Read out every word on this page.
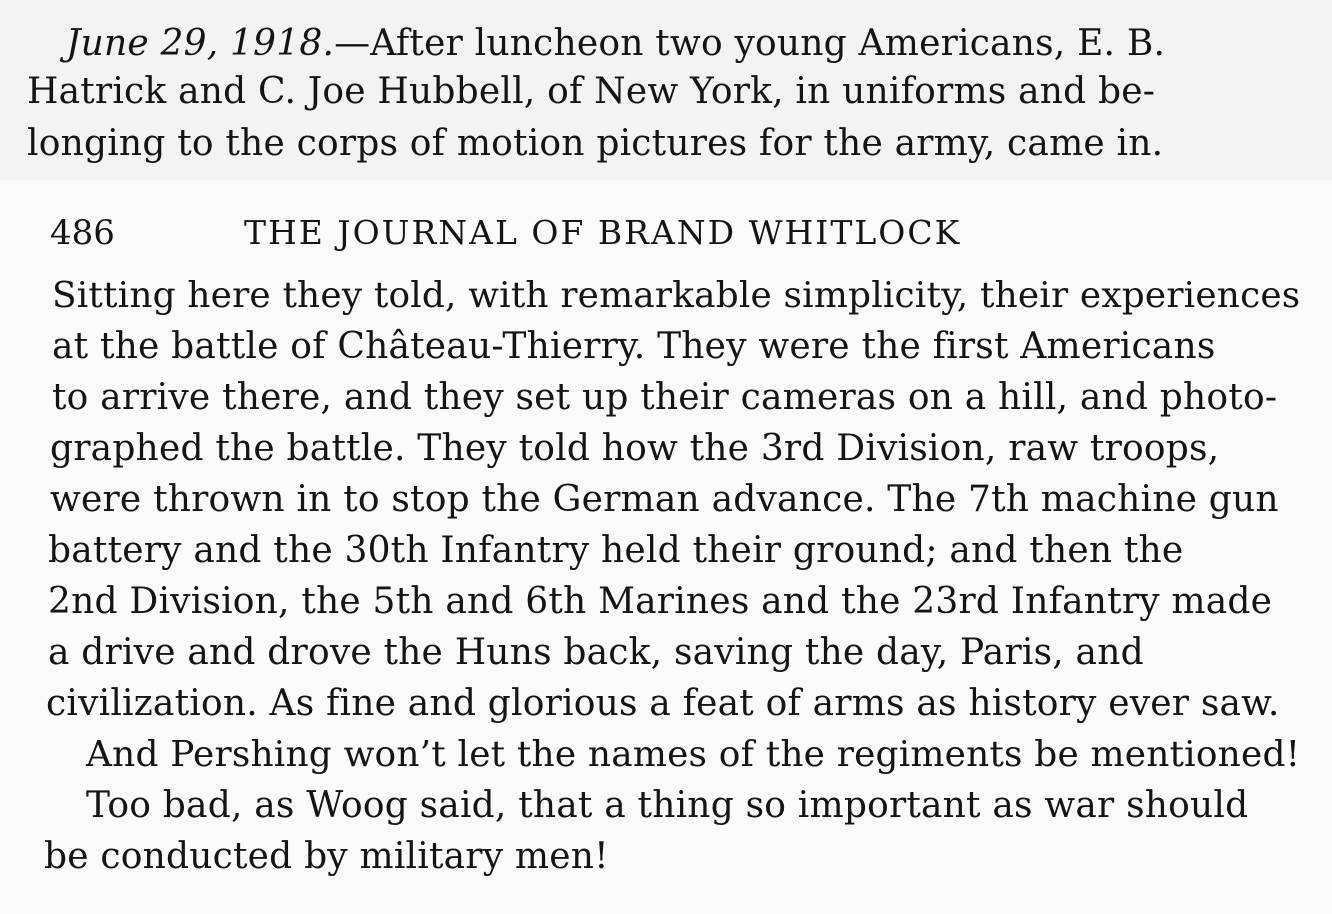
June 29, 1918.—After luncheon two young Americans, E. B.
Hatrick and C. Joe Hubbell, of New York, in uniforms and be-
longing to the corps of motion pictures for the army, came in.
486	THE JOURNAL OF BRAND WHITLOCK
Sitting here they told, with remarkable simplicity, their experiences
at the battle of Château-Thierry. They were the first Americans
to arrive there, and they set up their cameras on a hill, and photo-
graphed the battle. They told how the 3rd Division, raw troops,
were thrown in to stop the German advance. The 7th machine gun
battery and the 30th Infantry held their ground; and then the
2nd Division, the 5th and 6th Marines and the 23rd Infantry made
a drive and drove the Huns back, saving the day, Paris, and
civilization. As fine and glorious a feat of arms as history ever saw.
And Pershing won’t let the names of the regiments be mentioned!
Too bad, as Woog said, that a thing so important as war should
be conducted by military men!
